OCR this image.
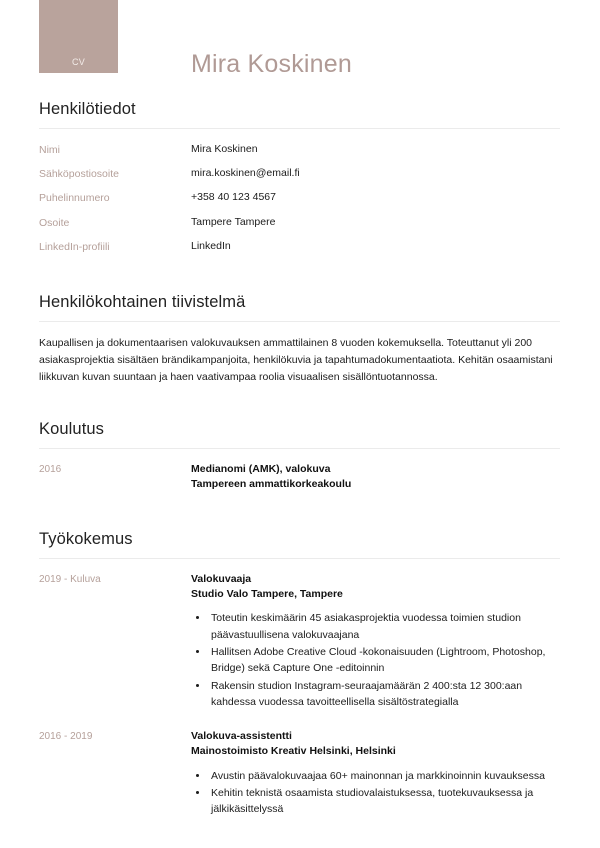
CV	Mira Koskinen
Henkilötiedot
Nimi	Mira Koskinen
Sähköpostiosoite	mira.koskinen@email.fi
Puhelinnumero	+358 40 123 4567
Osoite	Tampere Tampere
LinkedIn-profiili	LinkedIn
Henkilökohtainen tiivistelmä

Kaupallisen ja dokumentaarisen valokuvauksen ammattilainen 8 vuoden kokemuksella. Toteuttanut yli 200 asiakasprojektia sisältäen brändikampanjoita, henkilökuvia ja tapahtumadokumentaatiota. Kehitän osaamistani liikkuvan kuvan suuntaan ja haen vaativampaa roolia visuaalisen sisällöntuotannossa.

Koulutus
2016	Medianomi (AMK), valokuva
Tampereen ammattikorkeakoulu
Työkokemus
2019 - Kuluva	Valokuvaaja
Studio Valo Tampere, Tampere
• Toteutin keskimäärin 45 asiakasprojektia vuodessa toimien studion päävastuullisena valokuvaajana
• Hallitsen Adobe Creative Cloud -kokonaisuuden (Lightroom, Photoshop, Bridge) sekä Capture One -editoinnin
• Rakensin studion Instagram-seuraajamäärän 2 400:sta 12 300:aan kahdessa vuodessa tavoitteellisella sisältöstrategialla
2016 - 2019	Valokuva-assistentti
Mainostoimisto Kreativ Helsinki, Helsinki
• Avustin päävalokuvaajaa 60+ mainonnan ja markkinoinnin kuvauksessa
• Kehitin teknistä osaamista studiovalaistuksessa, tuotekuvauksessa ja jälkikäsittelyssä
